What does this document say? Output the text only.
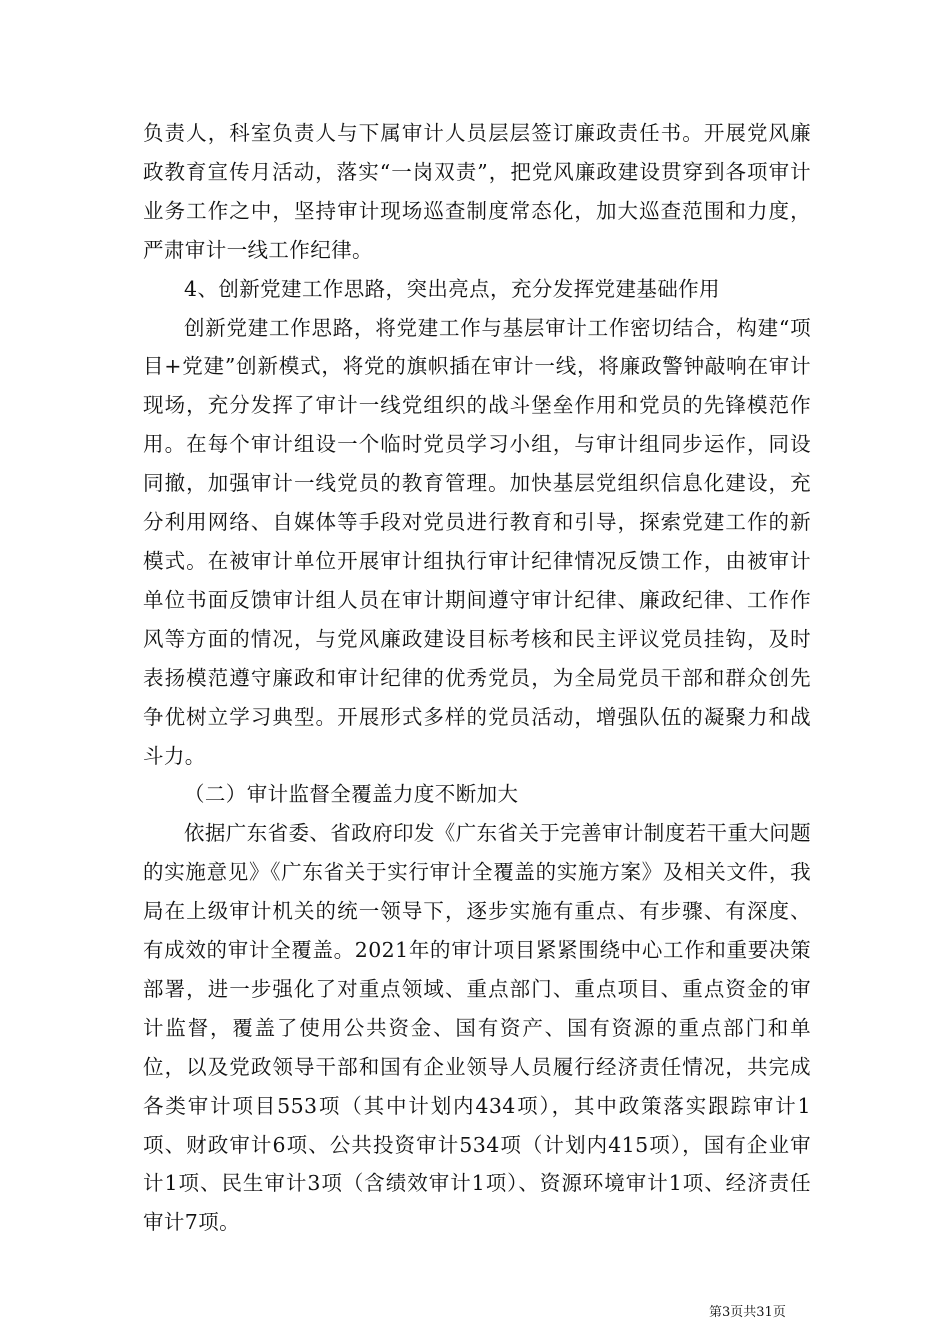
负责人，科室负责人与下属审计人员层层签订廉政责任书。开展党风廉政教育宣传月活动，落实“一岗双责”，把党风廉政建设贯穿到各项审计业务工作之中，坚持审计现场巡查制度常态化，加大巡查范围和力度，严肃审计一线工作纪律。

4、创新党建工作思路，突出亮点，充分发挥党建基础作用

创新党建工作思路，将党建工作与基层审计工作密切结合，构建“项目+党建”创新模式，将党的旗帜插在审计一线，将廉政警钟敲响在审计现场，充分发挥了审计一线党组织的战斗堡垒作用和党员的先锋模范作用。在每个审计组设一个临时党员学习小组，与审计组同步运作，同设同撤，加强审计一线党员的教育管理。加快基层党组织信息化建设，充分利用网络、自媒体等手段对党员进行教育和引导，探索党建工作的新模式。在被审计单位开展审计组执行审计纪律情况反馈工作，由被审计单位书面反馈审计组人员在审计期间遵守审计纪律、廉政纪律、工作作风等方面的情况，与党风廉政建设目标考核和民主评议党员挂钩，及时表扬模范遵守廉政和审计纪律的优秀党员，为全局党员干部和群众创先争优树立学习典型。开展形式多样的党员活动，增强队伍的凝聚力和战斗力。

（二）审计监督全覆盖力度不断加大

依据广东省委、省政府印发《广东省关于完善审计制度若干重大问题的实施意见》《广东省关于实行审计全覆盖的实施方案》及相关文件，我局在上级审计机关的统一领导下，逐步实施有重点、有步骤、有深度、有成效的审计全覆盖。2021年的审计项目紧紧围绕中心工作和重要决策部署，进一步强化了对重点领域、重点部门、重点项目、重点资金的审计监督，覆盖了使用公共资金、国有资产、国有资源的重点部门和单位，以及党政领导干部和国有企业领导人员履行经济责任情况，共完成各类审计项目553项（其中计划内434项），其中政策落实跟踪审计1项、财政审计6项、公共投资审计534项（计划内415项），国有企业审计1项、民生审计3项（含绩效审计1项）、资源环境审计1项、经济责任审计7项。

第3页共31页
